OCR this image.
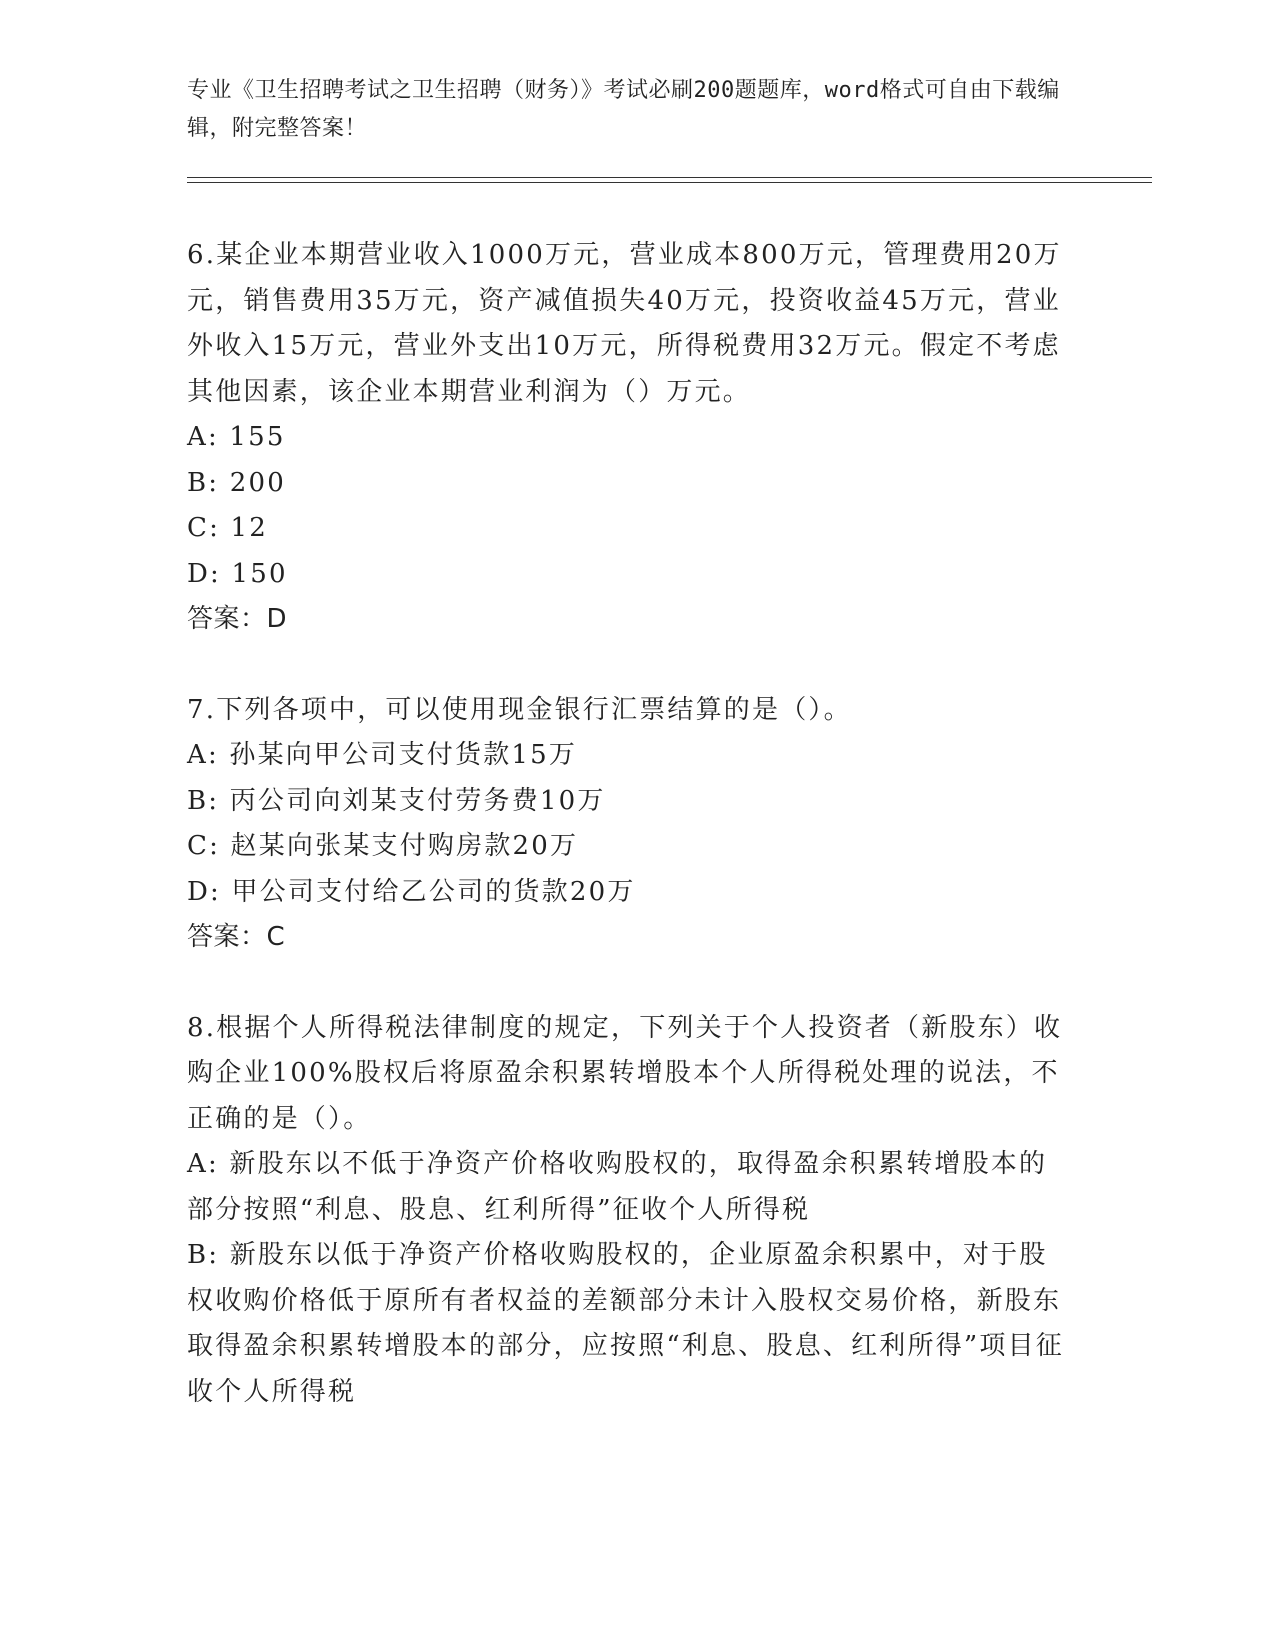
专业《卫生招聘考试之卫生招聘（财务）》考试必刷200题题库，word格式可自由下载编辑，附完整答案！
6.某企业本期营业收入1000万元，营业成本800万元，管理费用20万元，销售费用35万元，资产减值损失40万元，投资收益45万元，营业外收入15万元，营业外支出10万元，所得税费用32万元。假定不考虑其他因素，该企业本期营业利润为（）万元。
A: 155
B: 200
C: 12
D: 150
答案：D
7.下列各项中，可以使用现金银行汇票结算的是（）。
A: 孙某向甲公司支付货款15万
B: 丙公司向刘某支付劳务费10万
C: 赵某向张某支付购房款20万
D: 甲公司支付给乙公司的货款20万
答案：C
8.根据个人所得税法律制度的规定，下列关于个人投资者（新股东）收购企业100%股权后将原盈余积累转增股本个人所得税处理的说法，不正确的是（）。
A: 新股东以不低于净资产价格收购股权的，取得盈余积累转增股本的部分按照“利息、股息、红利所得”征收个人所得税
B: 新股东以低于净资产价格收购股权的，企业原盈余积累中，对于股权收购价格低于原所有者权益的差额部分未计入股权交易价格，新股东取得盈余积累转增股本的部分，应按照“利息、股息、红利所得”项目征收个人所得税
